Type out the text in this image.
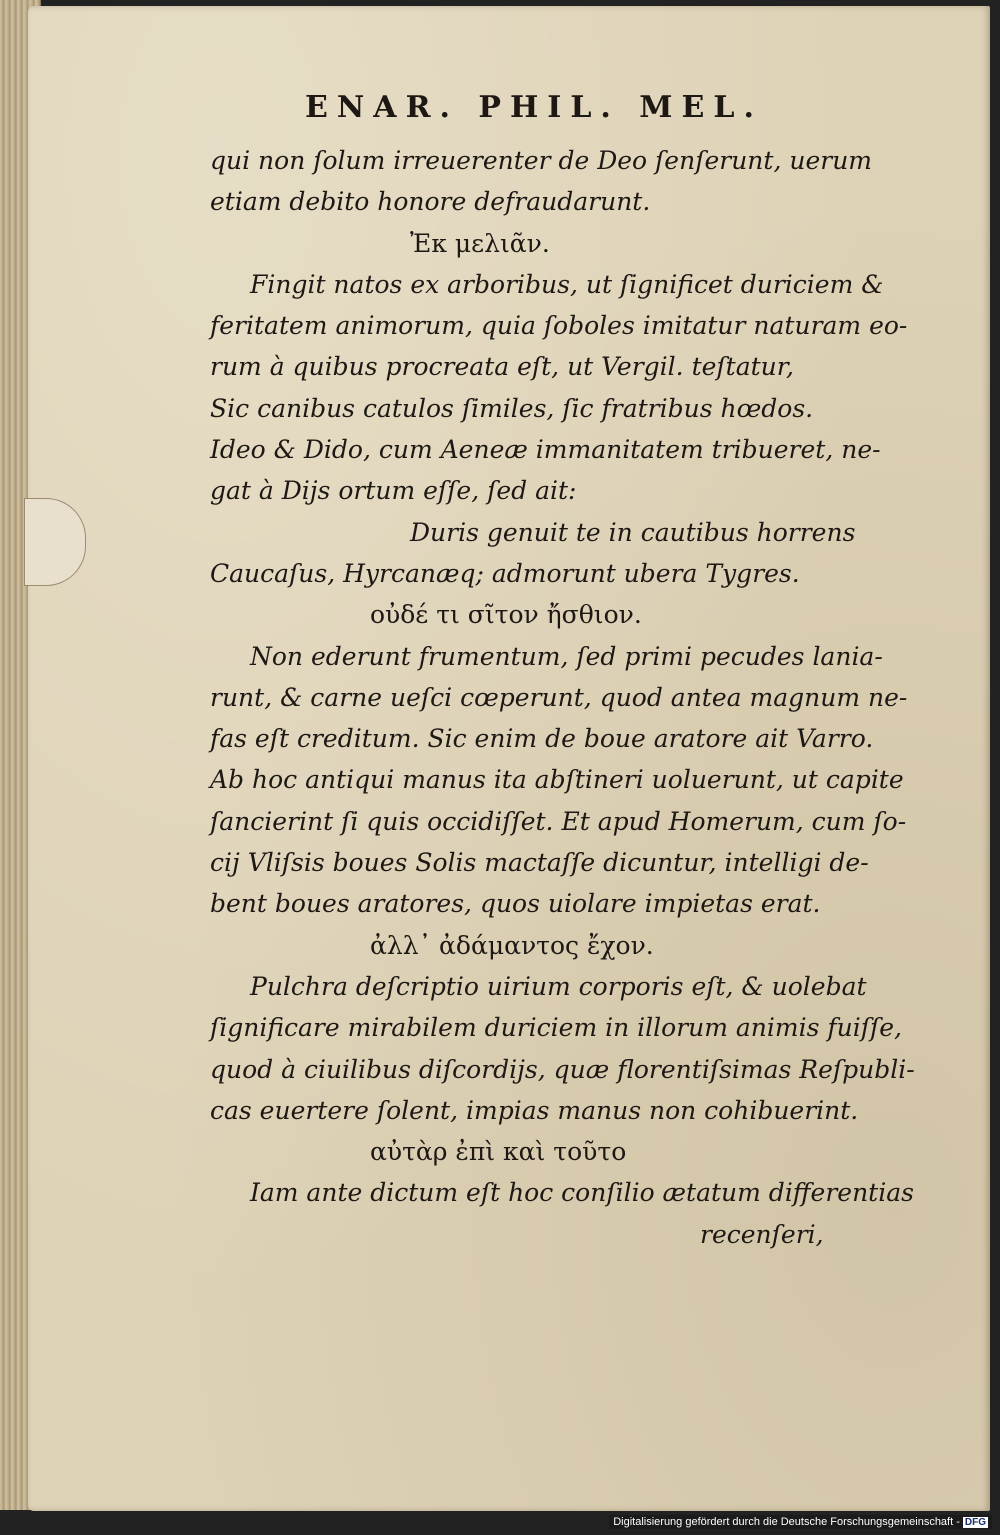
ENAR. PHIL. MEL.
qui non ſolum irreuerenter de Deo ſenſerunt, uerum
etiam debito honore defraudarunt.
Ἐκ μελιᾶν.
Fingit natos ex arboribus, ut ſignificet duriciem &
feritatem animorum, quia ſoboles imitatur naturam eo-
rum à quibus procreata eſt, ut Vergil. teſtatur,
Sic canibus catulos ſimiles, ſic fratribus hœdos.
Ideo & Dido, cum Aeneæ immanitatem tribueret, ne-
gat à Dijs ortum eſſe, ſed ait:
Duris genuit te in cautibus horrens
Caucaſus, Hyrcanæq; admorunt ubera Tygres.
οὐδέ τι σῖτον ἤσθιον.
Non ederunt frumentum, ſed primi pecudes lania-
runt, & carne ueſci cœperunt, quod antea magnum ne-
fas eſt creditum. Sic enim de boue aratore ait Varro.
Ab hoc antiqui manus ita abſtineri uoluerunt, ut capite
ſancierint ſi quis occidiſſet. Et apud Homerum, cum ſo-
cij Vliſsis boues Solis mactaſſe dicuntur, intelligi de-
bent boues aratores, quos uiolare impietas erat.
ἀλλ᾽ ἀδάμαντος ἔχον.
Pulchra deſcriptio uirium corporis eſt, & uolebat
ſignificare mirabilem duriciem in illorum animis fuiſſe,
quod à ciuilibus diſcordijs, quæ florentiſsimas Reſpubli-
cas euertere ſolent, impias manus non cohibuerint.
αὐτὰρ ἐπὶ καὶ τοῦτο
Iam ante dictum eſt hoc conſilio ætatum differentias
recenſeri,
Digitalisierung gefördert durch die Deutsche Forschungsgemeinschaft - DFG
